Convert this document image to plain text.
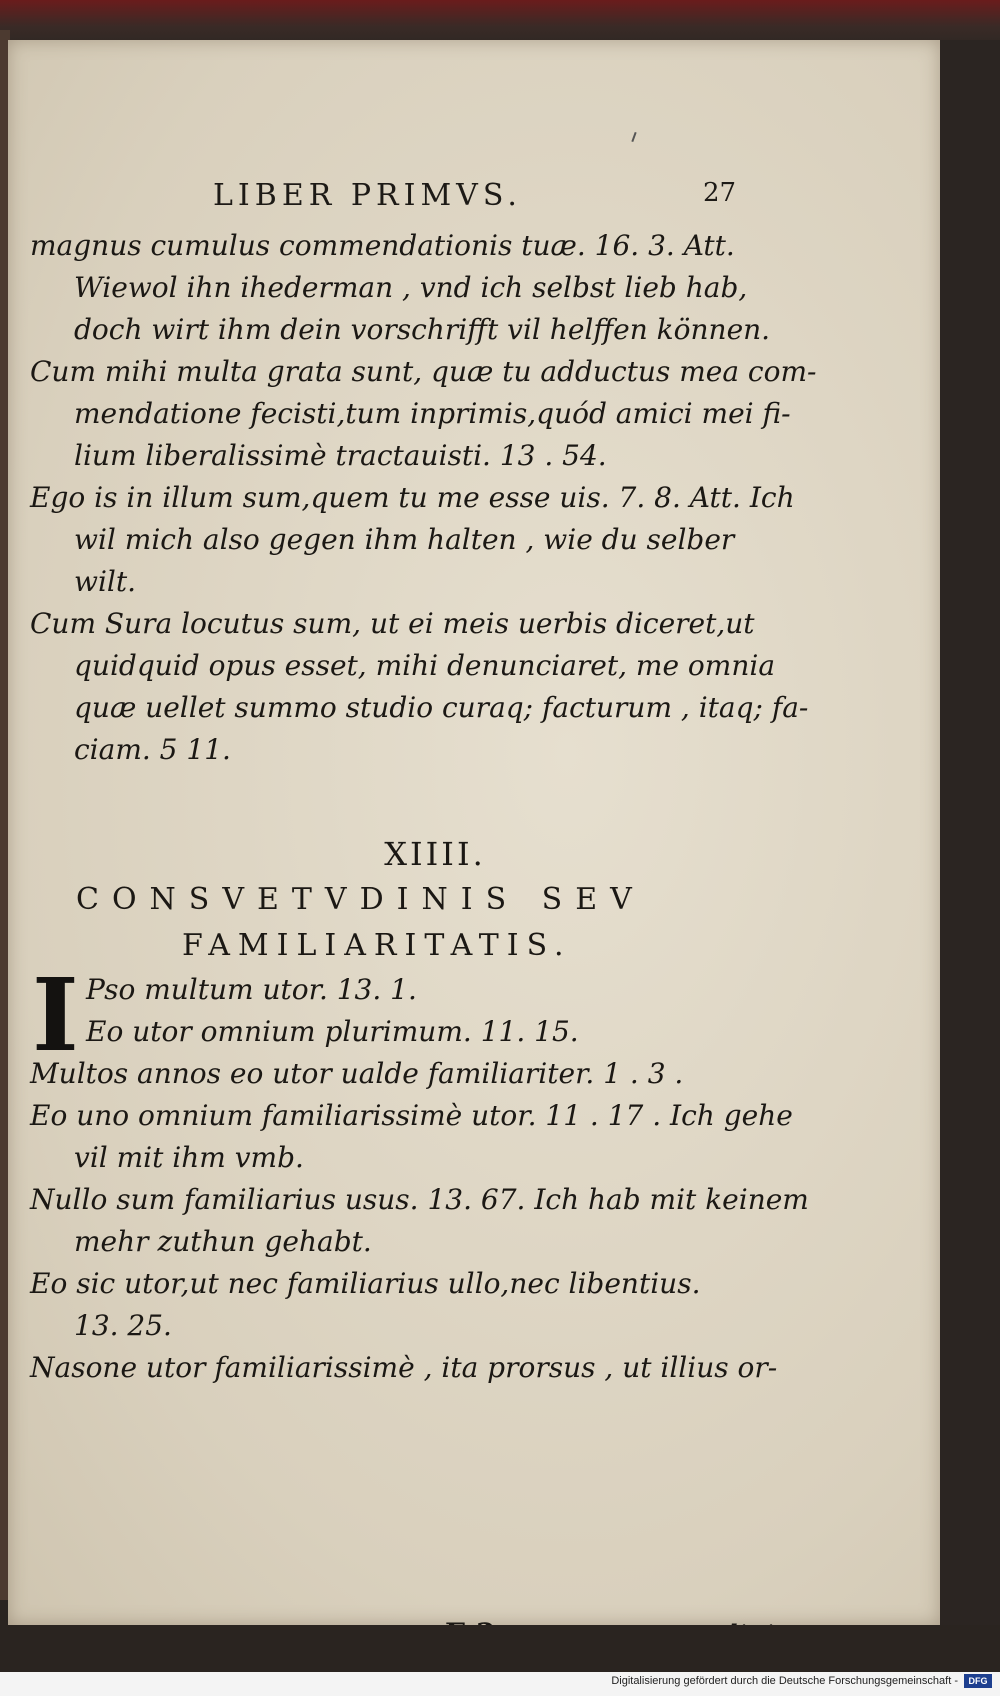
LIBER PRIMVS.	27
magnus cumulus commendationis tuæ. 16. 3. Att.
Wiewol ihn ihederman , vnd ich selbst lieb hab,
doch wirt ihm dein vorschrifft vil helffen können.
Cum mihi multa grata sunt, quæ tu adductus mea com-
mendatione fecisti,tum inprimis,quód amici mei fi-
lium liberalissimè tractauisti. 13 . 54.
Ego is in illum sum,quem tu me esse uis. 7. 8. Att. Ich
wil mich also gegen ihm halten , wie du selber
wilt.
Cum Sura locutus sum, ut ei meis uerbis diceret,ut
quidquid opus esset, mihi denunciaret, me omnia
quæ uellet summo studio curaq; facturum , itaq; fa-
ciam. 5 11.
XIIII.
CONSVETVDINIS SEV
FAMILIARITATIS.
I Pso multum utor. 13. 1.
Eo utor omnium plurimum. 11. 15.
Multos annos eo utor ualde familiariter. 1 . 3 .
Eo uno omnium familiarissimè utor. 11 . 17 . Ich gehe
vil mit ihm vmb.
Nullo sum familiarius usus. 13. 67. Ich hab mit keinem
mehr zuthun gehabt.
Eo sic utor,ut nec familiarius ullo,nec libentius.
13. 25.
Nasone utor familiarissimè , ita prorsus , ut illius or-
Digitalisierung gefördert durch die Deutsche Forschungsgemeinschaft -	DFG
